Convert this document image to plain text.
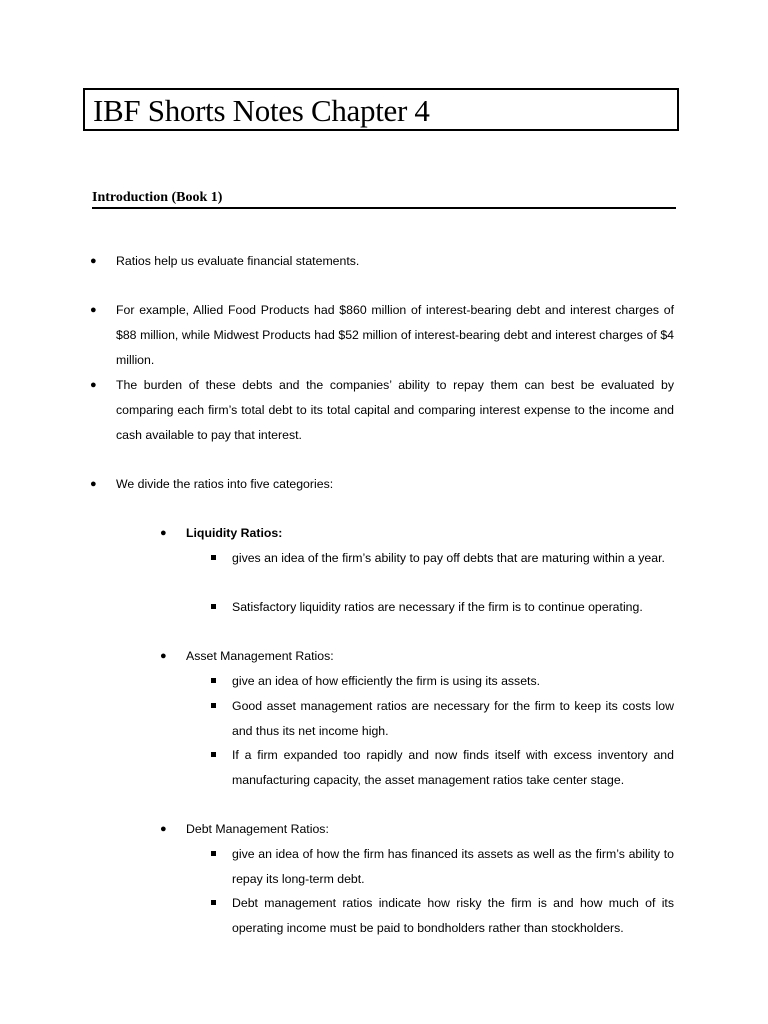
IBF Shorts Notes Chapter 4
Introduction (Book 1)
● Ratios help us evaluate financial statements.
● For example, Allied Food Products had $860 million of interest-bearing debt and interest charges of $88 million, while Midwest Products had $52 million of interest-bearing debt and interest charges of $4 million.
● The burden of these debts and the companies’ ability to repay them can best be evaluated by comparing each firm’s total debt to its total capital and comparing interest expense to the income and cash available to pay that interest.
● We divide the ratios into five categories:
● Liquidity Ratios:
gives an idea of the firm’s ability to pay off debts that are maturing within a year.
Satisfactory liquidity ratios are necessary if the firm is to continue operating.
● Asset Management Ratios:
give an idea of how efficiently the firm is using its assets.
Good asset management ratios are necessary for the firm to keep its costs low and thus its net income high.
If a firm expanded too rapidly and now finds itself with excess inventory and manufacturing capacity, the asset management ratios take center stage.
● Debt Management Ratios:
give an idea of how the firm has financed its assets as well as the firm’s ability to repay its long-term debt.
Debt management ratios indicate how risky the firm is and how much of its operating income must be paid to bondholders rather than stockholders.
